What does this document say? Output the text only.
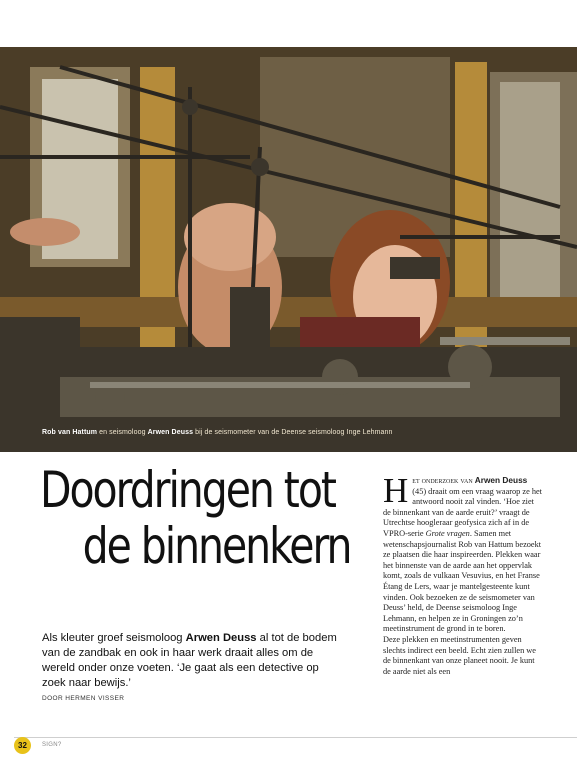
Rob van Hattum en seismoloog Arwen Deuss bij de seismometer van de Deense seismoloog Inge Lehmann
Doordringen tot
de binnenkern

Als kleuter groef seismoloog Arwen Deuss al tot de bodem van de zandbak en ook in haar werk draait alles om de wereld onder onze voeten. ‘Je gaat als een detective op zoek naar bewijs.’

DOOR HERMEN VISSER

Het onderzoek van Arwen Deuss (45) draait om een vraag waarop ze het antwoord nooit zal vinden. ‘Hoe ziet de binnenkant van de aarde eruit?’ vraagt de Utrechtse hoogleraar geofysica zich af in de VPRO-serie Grote vragen. Samen met wetenschapsjournalist Rob van Hattum bezoekt ze plaatsen die haar inspireerden. Plekken waar het binnenste van de aarde aan het oppervlak komt, zoals de vulkaan Vesuvius, en het Franse Étang de Lers, waar je mantelgesteente kunt vinden. Ook bezoeken ze de seismometer van Deuss’ held, de Deense seismoloog Inge Lehmann, en helpen ze in Groningen zo’n meetinstrument de grond in te boren.

Deze plekken en meetinstrumenten geven slechts indirect een beeld. Echt zien zullen we de binnenkant van onze planeet nooit. Je kunt de aarde niet als een

32	SIGN?
